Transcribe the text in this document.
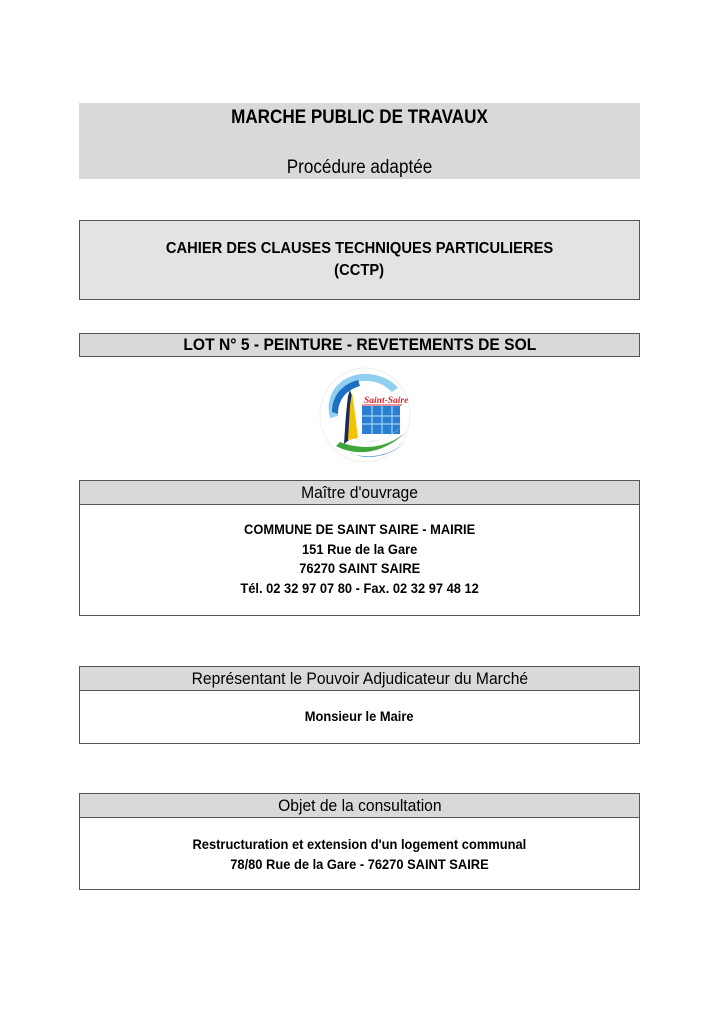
MARCHE PUBLIC DE TRAVAUX
Procédure adaptée
CAHIER DES CLAUSES TECHNIQUES PARTICULIERES
(CCTP)
LOT N° 5 - PEINTURE - REVETEMENTS DE SOL
Saint-Saire
Maître d'ouvrage
COMMUNE DE SAINT SAIRE - MAIRIE
151 Rue de la Gare
76270 SAINT SAIRE
Tél. 02 32 97 07 80 - Fax. 02 32 97 48 12
Représentant le Pouvoir Adjudicateur du Marché
Monsieur le Maire
Objet de la consultation
Restructuration et extension d'un logement communal
78/80 Rue de la Gare - 76270 SAINT SAIRE
